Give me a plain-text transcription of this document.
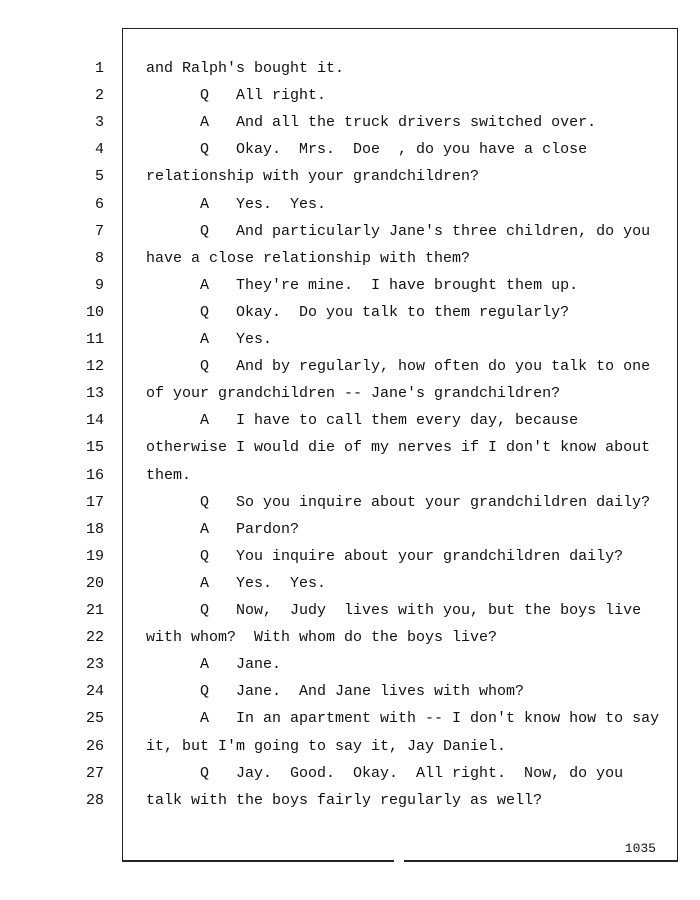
1	and Ralph's bought it.
2	Q   All right.
3	A   And all the truck drivers switched over.
4	Q   Okay.  Mrs.  Doe  , do you have a close
5	relationship with your grandchildren?
6	A   Yes.  Yes.
7	Q   And particularly Jane's three children, do you
8	have a close relationship with them?
9	A   They're mine.  I have brought them up.
10	Q   Okay.  Do you talk to them regularly?
11	A   Yes.
12	Q   And by regularly, how often do you talk to one
13	of your grandchildren -- Jane's grandchildren?
14	A   I have to call them every day, because
15	otherwise I would die of my nerves if I don't know about
16	them.
17	Q   So you inquire about your grandchildren daily?
18	A   Pardon?
19	Q   You inquire about your grandchildren daily?
20	A   Yes.  Yes.
21	Q   Now,  Judy  lives with you, but the boys live
22	with whom?  With whom do the boys live?
23	A   Jane.
24	Q   Jane.  And Jane lives with whom?
25	A   In an apartment with -- I don't know how to say
26	it, but I'm going to say it, Jay Daniel.
27	Q   Jay.  Good.  Okay.  All right.  Now, do you
28	talk with the boys fairly regularly as well?
1035
